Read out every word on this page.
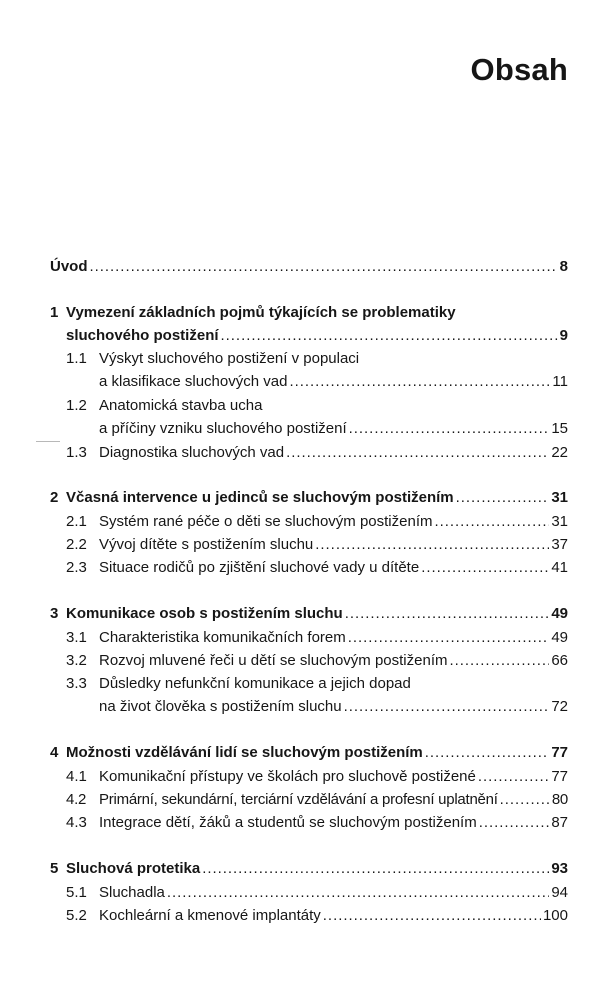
Obsah
Úvod . . .	8
1 Vymezení základních pojmů týkajících se problematiky
sluchového postižení . . .	9
1.1 Výskyt sluchového postižení v populaci
a klasifikace sluchových vad . . .	11
1.2 Anatomická stavba ucha
a příčiny vzniku sluchového postižení . . .	15
1.3 Diagnostika sluchových vad . . .	22
2 Včasná intervence u jedinců se sluchovým postižením . . .	31
2.1 Systém rané péče o děti se sluchovým postižením . . .	31
2.2 Vývoj dítěte s postižením sluchu . . .	37
2.3 Situace rodičů po zjištění sluchové vady u dítěte . . .	41
3 Komunikace osob s postižením sluchu . . .	49
3.1 Charakteristika komunikačních forem . . .	49
3.2 Rozvoj mluvené řeči u dětí se sluchovým postižením . . .	66
3.3 Důsledky nefunkční komunikace a jejich dopad
na život člověka s postižením sluchu . . .	72
4 Možnosti vzdělávání lidí se sluchovým postižením . . .	77
4.1 Komunikační přístupy ve školách pro sluchově postižené . . .	77
4.2 Primární, sekundární, terciární vzdělávání a profesní uplatnění . . .	80
4.3 Integrace dětí, žáků a studentů se sluchovým postižením . . .	87
5 Sluchová protetika . . .	93
5.1 Sluchadla . . .	94
5.2 Kochleární a kmenové implantáty . . .	100
